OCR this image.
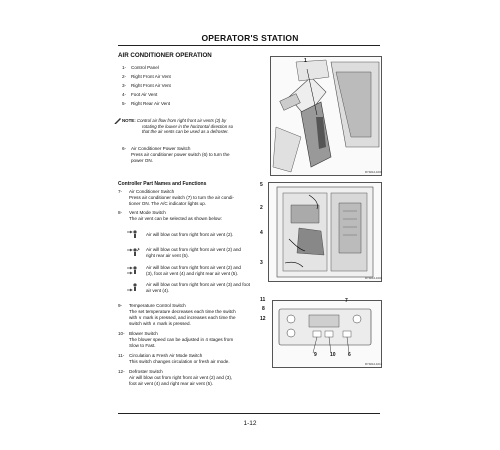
OPERATOR'S STATION
AIR CONDITIONER OPERATION
1- Control Panel
2- Right Front Air Vent
3- Right Front Air Vent
4- Foot Air Vent
5- Right Rear Air Vent
NOTE: Control air flow from right front air vents (2) by
rotating the louver in the horizontal direction so
that the air vents can be used as a defroster.
6- Air Conditioner Power Switch
Press air conditioner power switch (6) to turn the
power ON.
Controller Part Names and Functions
7- Air Conditioner Switch
Press air conditioner switch (7) to turn the air condi-
tioner ON. The A/C indicator lights up.
8- Vent Mode Switch
The air vent can be selected as shown below:
Air will blow out from right front air vent (2).
Air will blow out from right front air vent (2) and
right rear air vent (5).
Air will blow out from right front air vent (2) and
(3), foot air vent (4) and right rear air vent (5).
Air will blow out from right front air vent (3) and foot
air vent (4).
9- Temperature Control Switch
The set temperature decreases each time the switch
with ∨ mark is pressed, and increases each time the
switch with ∧ mark is pressed.
10- Blower Switch
The blower speed can be adjusted in 4 stages from
Slow to Fast.
11- Circulation & Fresh Air Mode Switch
This switch changes circulation or fresh air mode.
12- Defroster Switch
Air will blow out from right front air vent (2) and (3),
foot air vent (4) and right rear air vent (5).
1
RY9212-1003
5
2
4
3
RY9212-1002
11
8
12
7
9	10 6
RY9212-1011
1-12
